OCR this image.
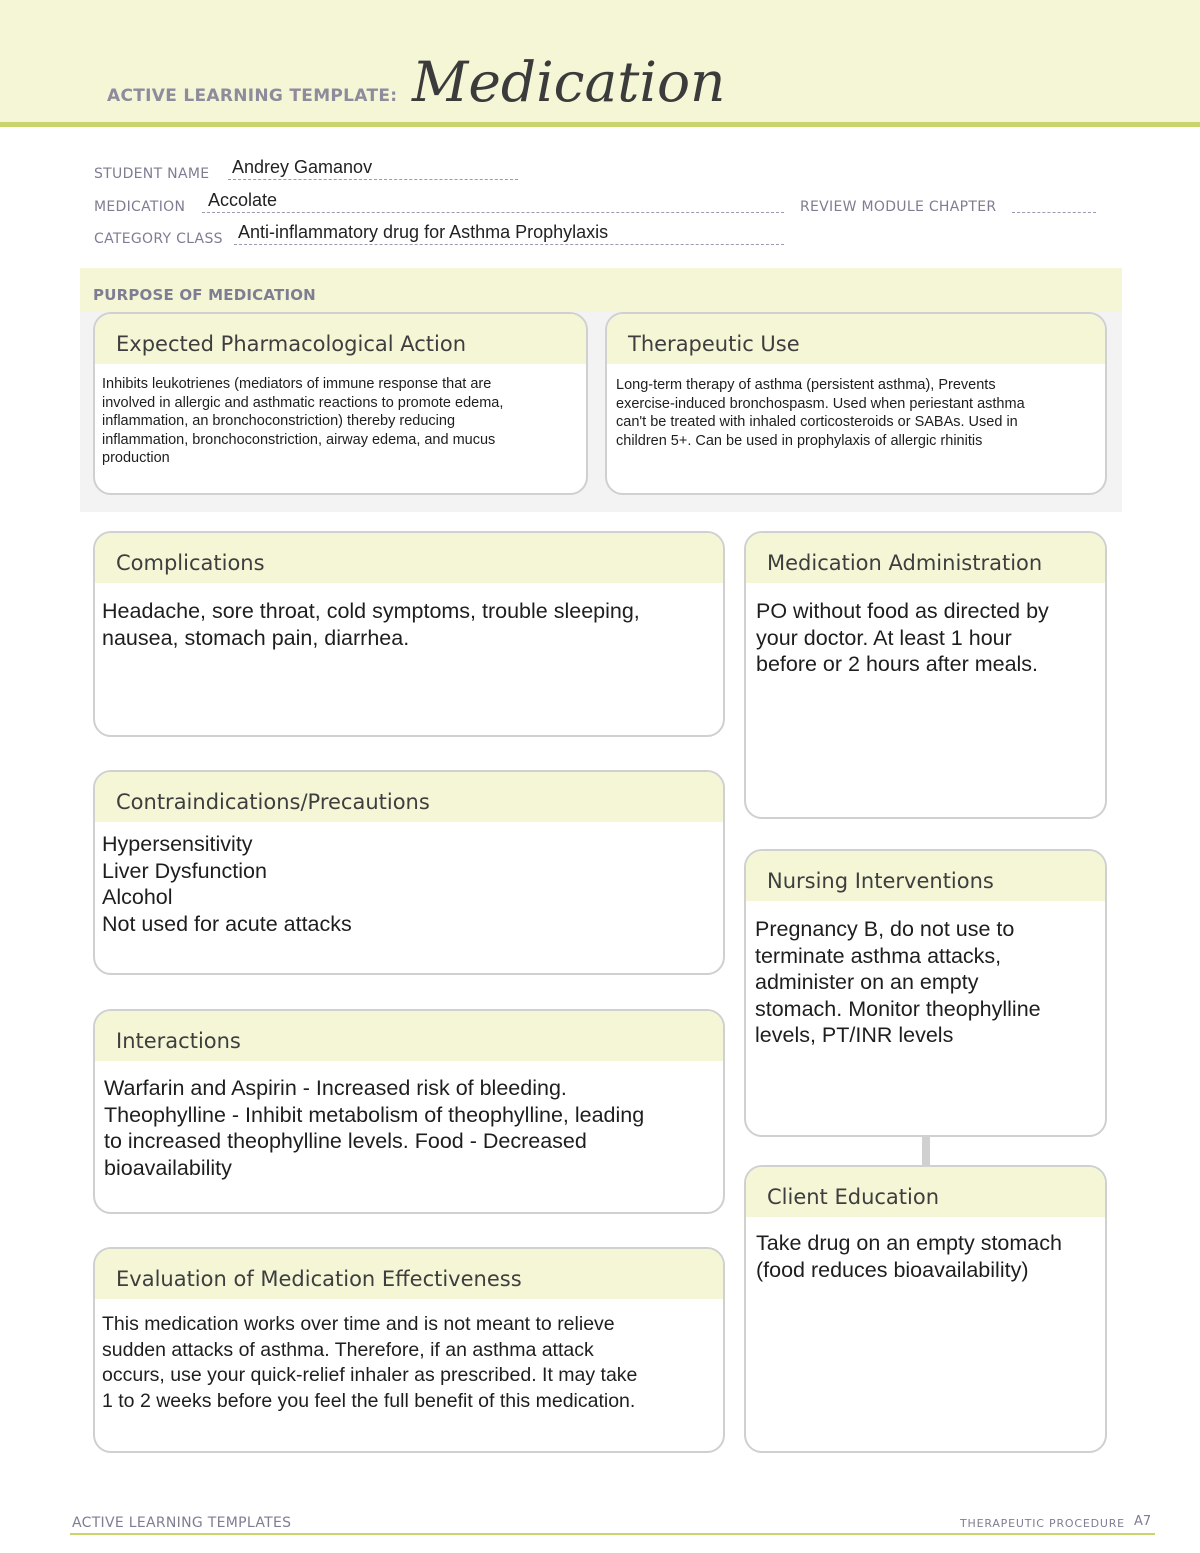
ACTIVE LEARNING TEMPLATE: Medication
STUDENT NAME Andrey Gamanov
MEDICATION Accolate	REVIEW MODULE CHAPTER
CATEGORY CLASS Anti-inflammatory drug for Asthma Prophylaxis
PURPOSE OF MEDICATION
Expected Pharmacological Action
Inhibits leukotrienes (mediators of immune response that are
involved in allergic and asthmatic reactions to promote edema,
inflammation, an bronchoconstriction) thereby reducing
inflammation, bronchoconstriction, airway edema, and mucus
production
Therapeutic Use
Long-term therapy of asthma (persistent asthma), Prevents
exercise-induced bronchospasm. Used when periestant asthma
can't be treated with inhaled corticosteroids or SABAs. Used in
children 5+. Can be used in prophylaxis of allergic rhinitis
Complications
Headache, sore throat, cold symptoms, trouble sleeping,
nausea, stomach pain, diarrhea.
Medication Administration
PO without food as directed by
your doctor. At least 1 hour
before or 2 hours after meals.
Contraindications/Precautions
Hypersensitivity
Liver Dysfunction
Alcohol
Not used for acute attacks
Nursing Interventions
Pregnancy B, do not use to
terminate asthma attacks,
administer on an empty
stomach. Monitor theophylline
levels, PT/INR levels
Interactions
Warfarin and Aspirin - Increased risk of bleeding.
Theophylline - Inhibit metabolism of theophylline, leading
to increased theophylline levels. Food - Decreased
bioavailability
Client Education
Take drug on an empty stomach
(food reduces bioavailability)
Evaluation of Medication Effectiveness
This medication works over time and is not meant to relieve
sudden attacks of asthma. Therefore, if an asthma attack
occurs, use your quick-relief inhaler as prescribed. It may take
1 to 2 weeks before you feel the full benefit of this medication.
ACTIVE LEARNING TEMPLATES	THERAPEUTIC PROCEDURE A7
